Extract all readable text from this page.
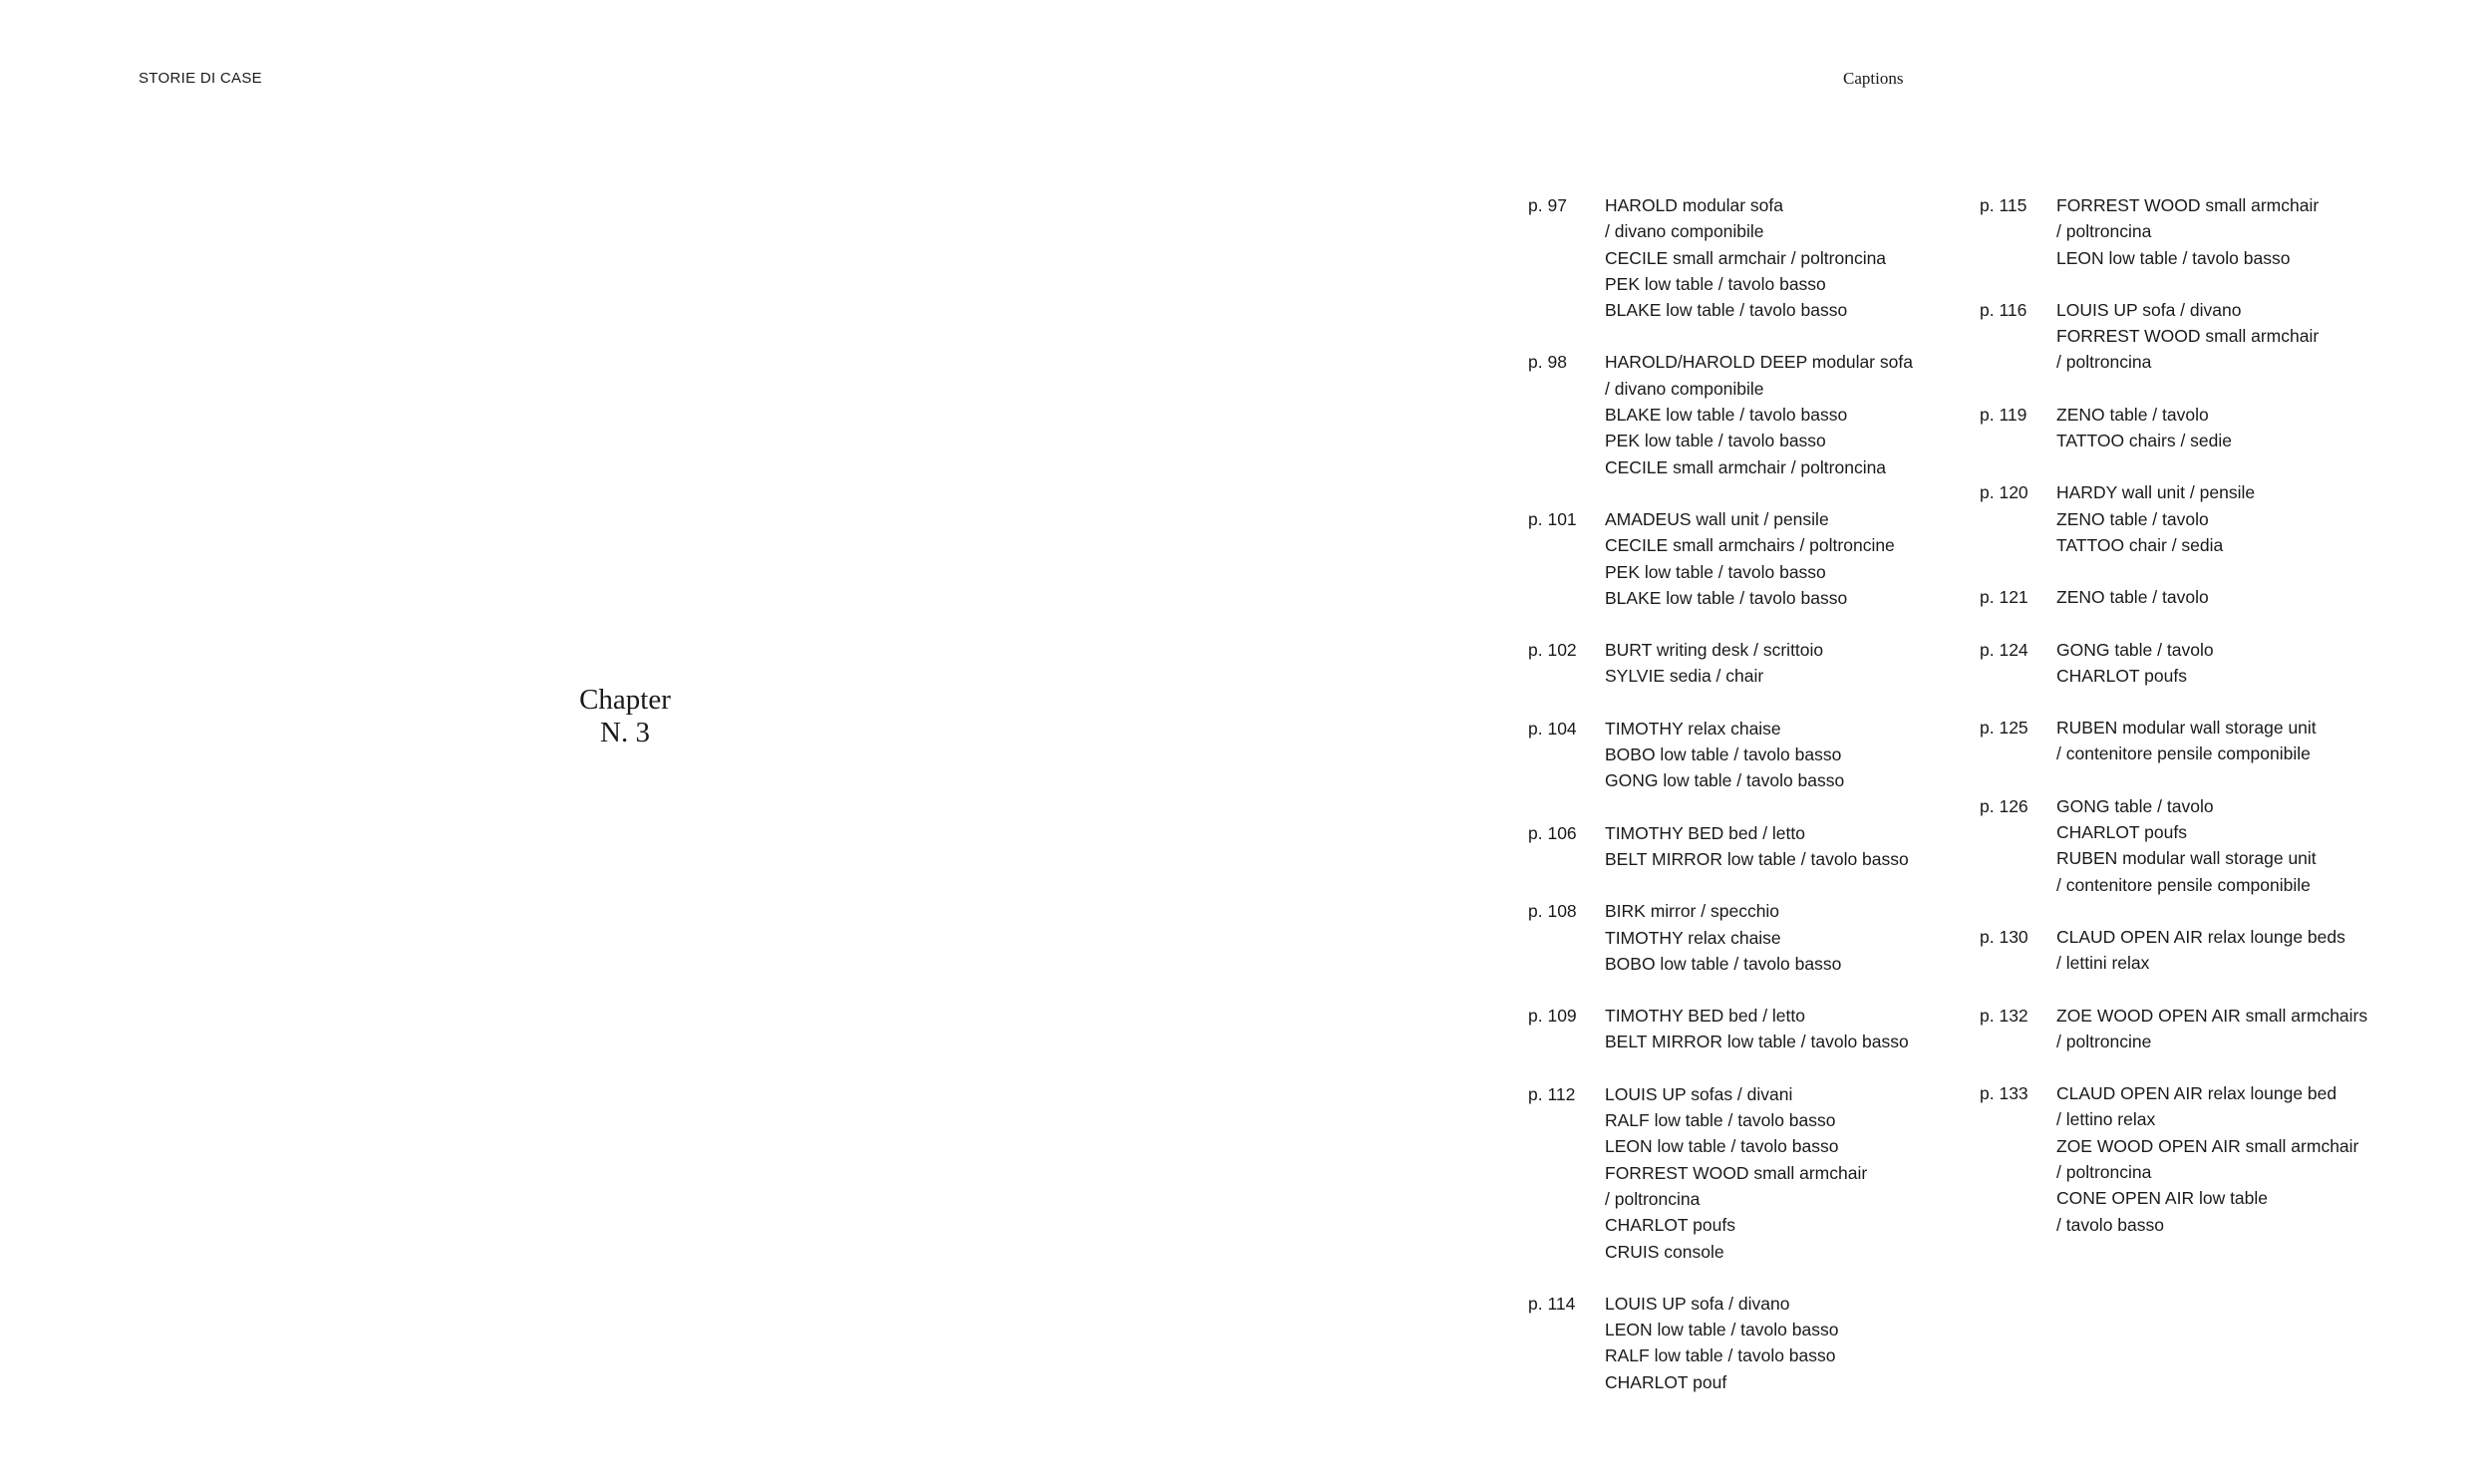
STORIE DI CASE	Captions
Chapter
N. 3
p. 97	HAROLD modular sofa
/ divano componibile
CECILE small armchair / poltroncina
PEK low table / tavolo basso
BLAKE low table / tavolo basso
p. 98	HAROLD/HAROLD DEEP modular sofa
/ divano componibile
BLAKE low table / tavolo basso
PEK low table / tavolo basso
CECILE small armchair / poltroncina
p. 101	AMADEUS wall unit / pensile
CECILE small armchairs / poltroncine
PEK low table / tavolo basso
BLAKE low table / tavolo basso
p. 102	BURT writing desk / scrittoio
SYLVIE sedia / chair
p. 104	TIMOTHY relax chaise
BOBO low table / tavolo basso
GONG low table / tavolo basso
p. 106	TIMOTHY BED bed / letto
BELT MIRROR low table / tavolo basso
p. 108	BIRK mirror / specchio
TIMOTHY relax chaise
BOBO low table / tavolo basso
p. 109	TIMOTHY BED bed / letto
BELT MIRROR low table / tavolo basso
p. 112	LOUIS UP sofas / divani
RALF low table / tavolo basso
LEON low table / tavolo basso
FORREST WOOD small armchair
/ poltroncina
CHARLOT poufs
CRUIS console
p. 114	LOUIS UP sofa / divano
LEON low table / tavolo basso
RALF low table / tavolo basso
CHARLOT pouf
p. 115	FORREST WOOD small armchair
/ poltroncina
LEON low table / tavolo basso
p. 116	LOUIS UP sofa / divano
FORREST WOOD small armchair
/ poltroncina
p. 119	ZENO table / tavolo
TATTOO chairs / sedie
p. 120	HARDY wall unit / pensile
ZENO table / tavolo
TATTOO chair / sedia
p. 121	ZENO table / tavolo
p. 124	GONG table / tavolo
CHARLOT poufs
p. 125	RUBEN modular wall storage unit
/ contenitore pensile componibile
p. 126	GONG table / tavolo
CHARLOT poufs
RUBEN modular wall storage unit
/ contenitore pensile componibile
p. 130	CLAUD OPEN AIR relax lounge beds
/ lettini relax
p. 132	ZOE WOOD OPEN AIR small armchairs
/ poltroncine
p. 133	CLAUD OPEN AIR relax lounge bed
/ lettino relax
ZOE WOOD OPEN AIR small armchair
/ poltroncina
CONE OPEN AIR low table
/ tavolo basso
